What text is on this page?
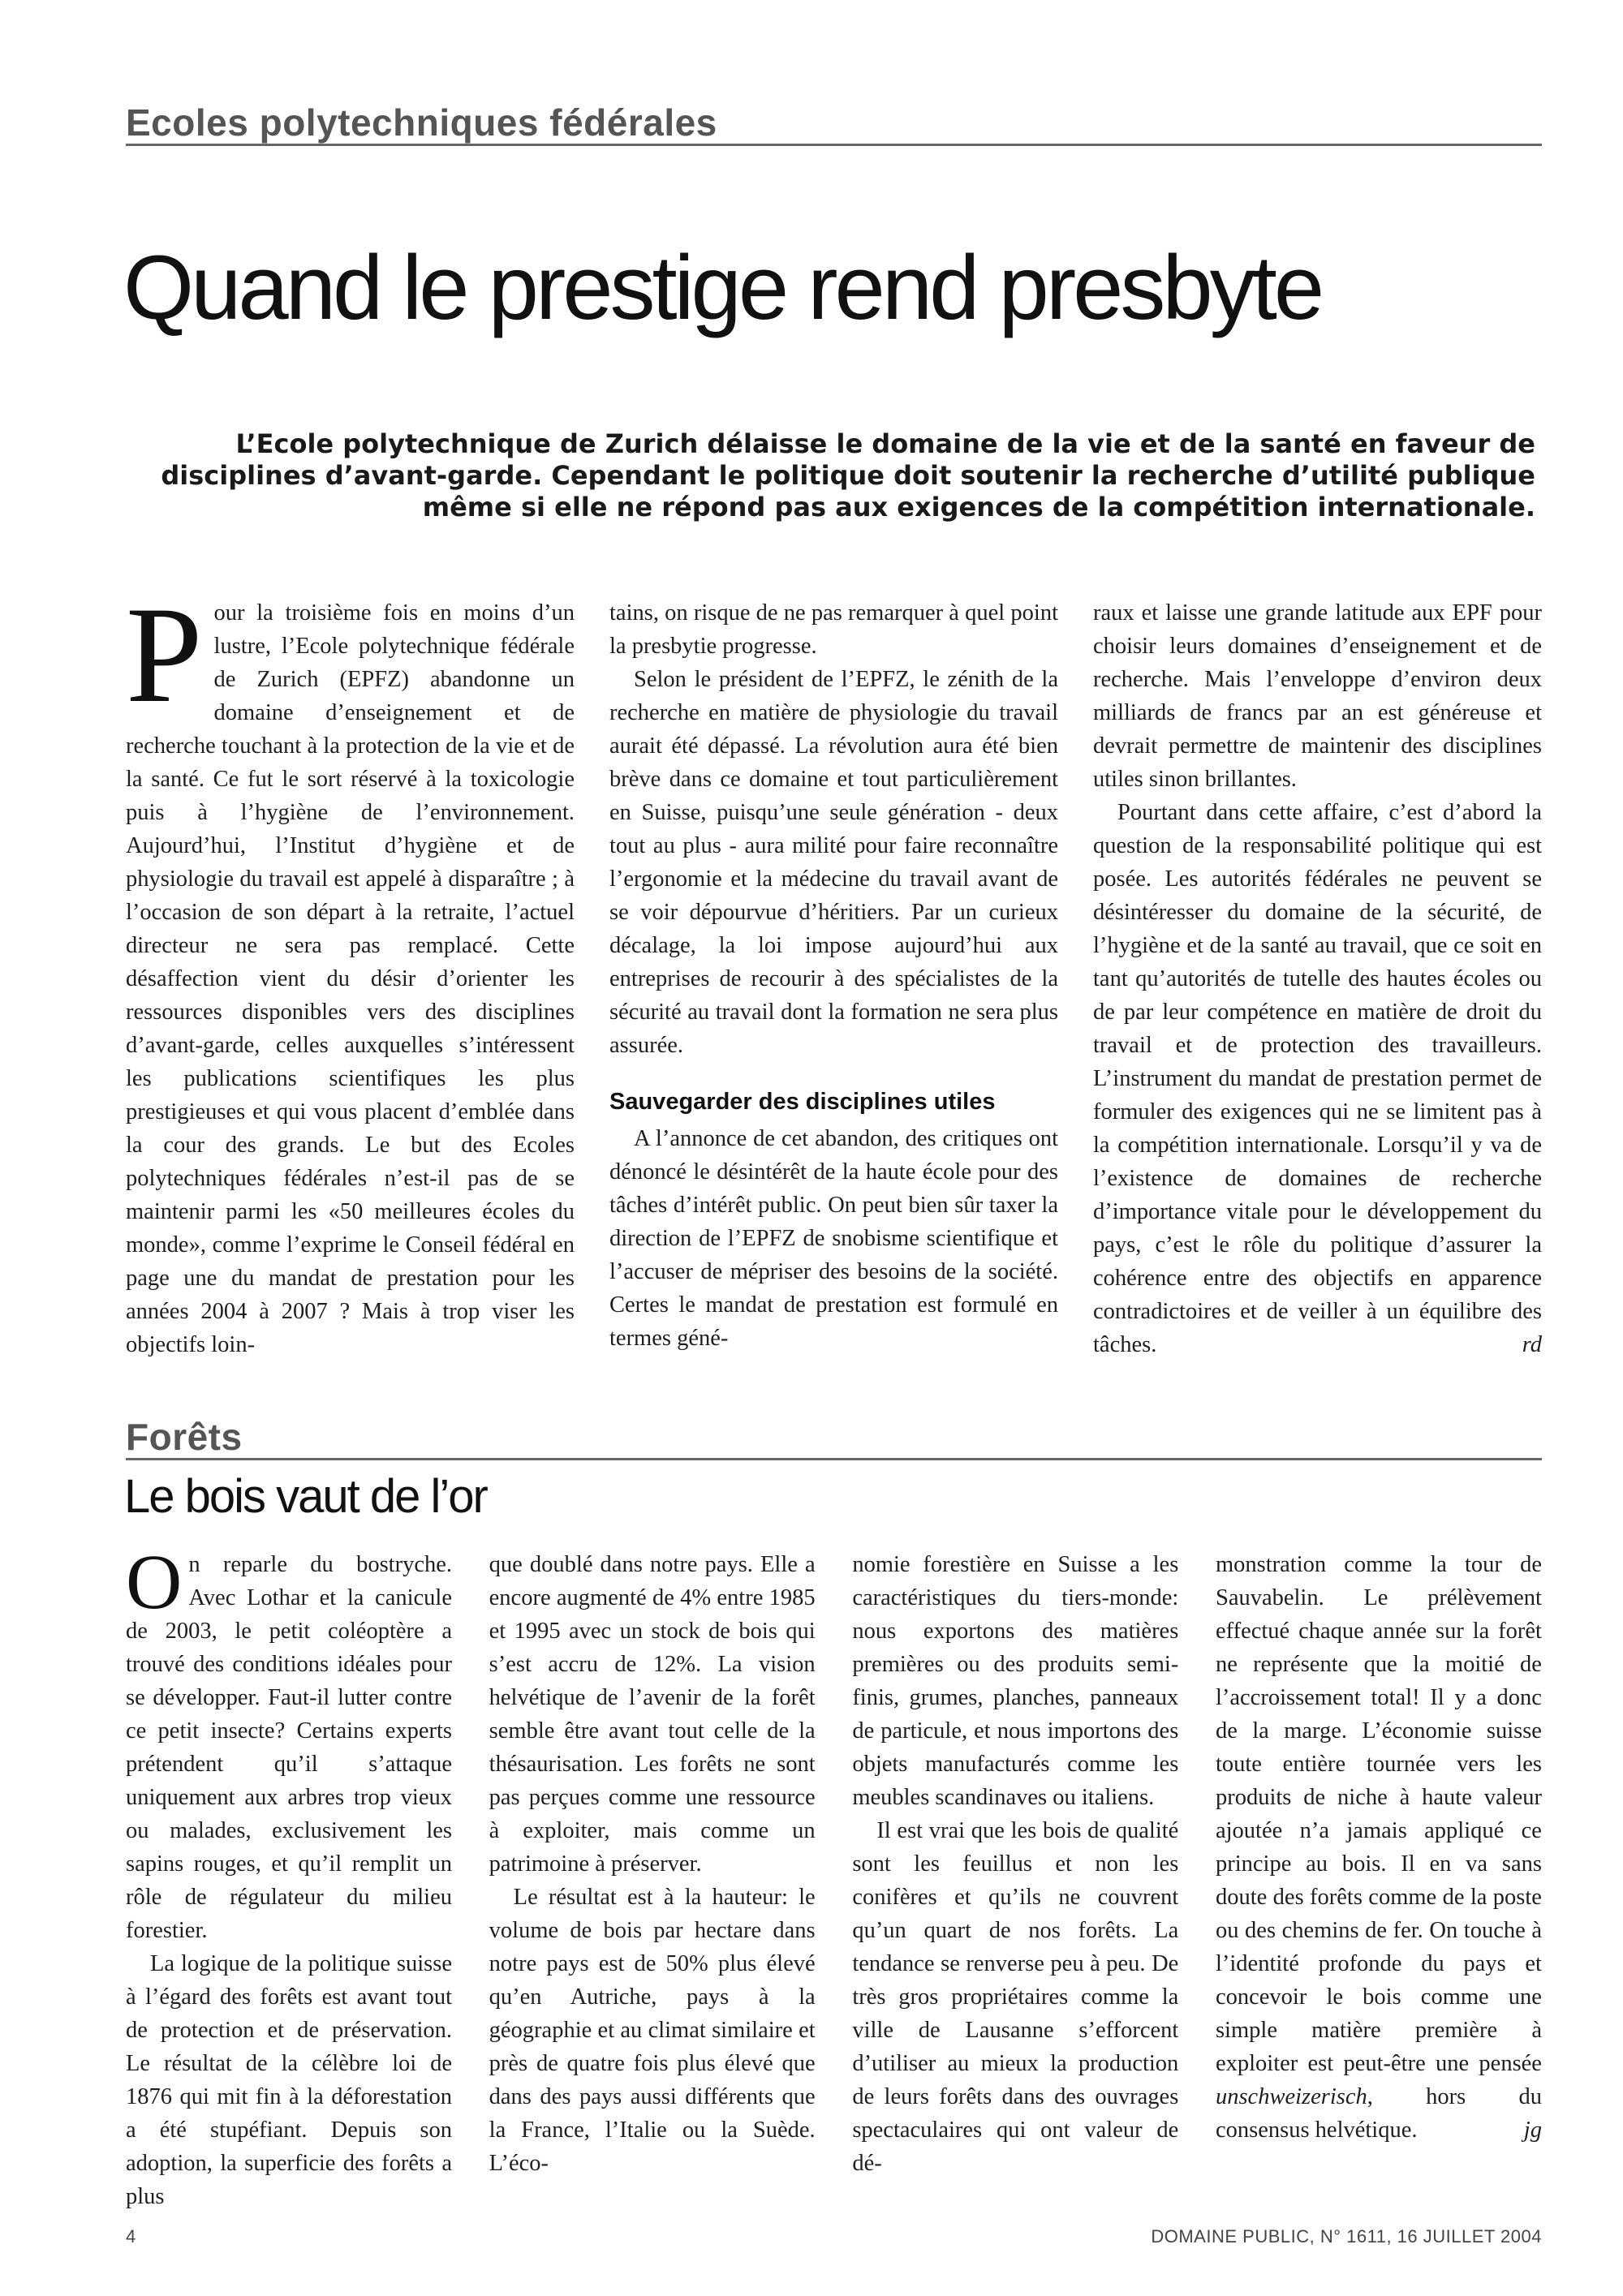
Ecoles polytechniques fédérales
Quand le prestige rend presbyte
L’Ecole polytechnique de Zurich délaisse le domaine de la vie et de la santé en faveur de disciplines d’avant-garde. Cependant le politique doit soutenir la recherche d’utilité publique même si elle ne répond pas aux exigences de la compétition internationale.

Pour la troisième fois en moins d’un lustre, l’Ecole polytechnique fédérale de Zurich (EPFZ) abandonne un domaine d’enseignement et de recherche touchant à la protection de la vie et de la santé. Ce fut le sort réservé à la toxicologie puis à l’hygiène de l’environnement. Aujourd’hui, l’Institut d’hygiène et de physiologie du travail est appelé à disparaître ; à l’occasion de son départ à la retraite, l’actuel directeur ne sera pas remplacé. Cette désaffection vient du désir d’orienter les ressources disponibles vers des disciplines d’avant-garde, celles auxquelles s’intéressent les publications scientifiques les plus prestigieuses et qui vous placent d’emblée dans la cour des grands. Le but des Ecoles polytechniques fédérales n’est-il pas de se maintenir parmi les «50 meilleures écoles du monde», comme l’exprime le Conseil fédéral en page une du mandat de prestation pour les années 2004 à 2007 ? Mais à trop viser les objectifs loin-

tains, on risque de ne pas remarquer à quel point la presbytie progresse.

Selon le président de l’EPFZ, le zénith de la recherche en matière de physiologie du travail aurait été dépassé. La révolution aura été bien brève dans ce domaine et tout particulièrement en Suisse, puisqu’une seule génération - deux tout au plus - aura milité pour faire reconnaître l’ergonomie et la médecine du travail avant de se voir dépourvue d’héritiers. Par un curieux décalage, la loi impose aujourd’hui aux entreprises de recourir à des spécialistes de la sécurité au travail dont la formation ne sera plus assurée.

Sauvegarder des disciplines utiles

A l’annonce de cet abandon, des critiques ont dénoncé le désintérêt de la haute école pour des tâches d’intérêt public. On peut bien sûr taxer la direction de l’EPFZ de snobisme scientifique et l’accuser de mépriser des besoins de la société. Certes le mandat de prestation est formulé en termes géné-

raux et laisse une grande latitude aux EPF pour choisir leurs domaines d’enseignement et de recherche. Mais l’enveloppe d’environ deux milliards de francs par an est généreuse et devrait permettre de maintenir des disciplines utiles sinon brillantes.

Pourtant dans cette affaire, c’est d’abord la question de la responsabilité politique qui est posée. Les autorités fédérales ne peuvent se désintéresser du domaine de la sécurité, de l’hygiène et de la santé au travail, que ce soit en tant qu’autorités de tutelle des hautes écoles ou de par leur compétence en matière de droit du travail et de protection des travailleurs. L’instrument du mandat de prestation permet de formuler des exigences qui ne se limitent pas à la compétition internationale. Lorsqu’il y va de l’existence de domaines de recherche d’importance vitale pour le développement du pays, c’est le rôle du politique d’assurer la cohérence entre des objectifs en apparence contradictoires et de veiller à un équilibre des tâches.	rd

Forêts
Le bois vaut de l’or

On reparle du bostryche. Avec Lothar et la canicule de 2003, le petit coléoptère a trouvé des conditions idéales pour se développer. Faut-il lutter contre ce petit insecte? Certains experts prétendent qu’il s’attaque uniquement aux arbres trop vieux ou malades, exclusivement les sapins rouges, et qu’il remplit un rôle de régulateur du milieu forestier.

La logique de la politique suisse à l’égard des forêts est avant tout de protection et de préservation. Le résultat de la célèbre loi de 1876 qui mit fin à la déforestation a été stupéfiant. Depuis son adoption, la superficie des forêts a plus

que doublé dans notre pays. Elle a encore augmenté de 4% entre 1985 et 1995 avec un stock de bois qui s’est accru de 12%. La vision helvétique de l’avenir de la forêt semble être avant tout celle de la thésaurisation. Les forêts ne sont pas perçues comme une ressource à exploiter, mais comme un patrimoine à préserver.

Le résultat est à la hauteur: le volume de bois par hectare dans notre pays est de 50% plus élevé qu’en Autriche, pays à la géographie et au climat similaire et près de quatre fois plus élevé que dans des pays aussi différents que la France, l’Italie ou la Suède. L’éco-

nomie forestière en Suisse a les caractéristiques du tiers-monde: nous exportons des matières premières ou des produits semi-finis, grumes, planches, panneaux de particule, et nous importons des objets manufacturés comme les meubles scandinaves ou italiens.

Il est vrai que les bois de qualité sont les feuillus et non les conifères et qu’ils ne couvrent qu’un quart de nos forêts. La tendance se renverse peu à peu. De très gros propriétaires comme la ville de Lausanne s’efforcent d’utiliser au mieux la production de leurs forêts dans des ouvrages spectaculaires qui ont valeur de dé-

monstration comme la tour de Sauvabelin. Le prélèvement effectué chaque année sur la forêt ne représente que la moitié de l’accroissement total! Il y a donc de la marge. L’économie suisse toute entière tournée vers les produits de niche à haute valeur ajoutée n’a jamais appliqué ce principe au bois. Il en va sans doute des forêts comme de la poste ou des chemins de fer. On touche à l’identité profonde du pays et concevoir le bois comme une simple matière première à exploiter est peut-être une pensée unschweizerisch, hors du consensus helvétique.	jg

4	DOMAINE PUBLIC, N° 1611, 16 JUILLET 2004
